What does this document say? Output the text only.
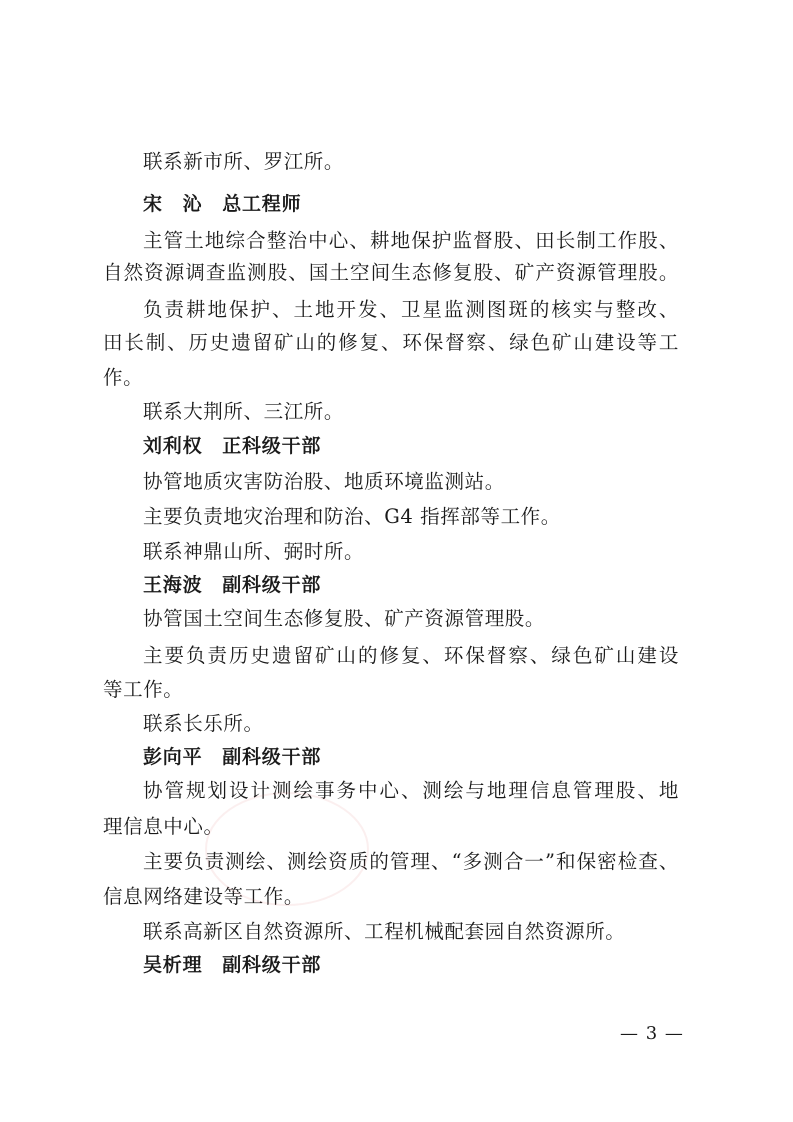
联系新市所、罗江所。
宋　沁　总工程师
主管土地综合整治中心、耕地保护监督股、田长制工作股、
自然资源调查监测股、国土空间生态修复股、矿产资源管理股。
负责耕地保护、土地开发、卫星监测图斑的核实与整改、
田长制、历史遗留矿山的修复、环保督察、绿色矿山建设等工
作。
联系大荆所、三江所。
刘利权　正科级干部
协管地质灾害防治股、地质环境监测站。
主要负责地灾治理和防治、G4 指挥部等工作。
联系神鼎山所、弼时所。
王海波　副科级干部
协管国土空间生态修复股、矿产资源管理股。
主要负责历史遗留矿山的修复、环保督察、绿色矿山建设
等工作。
联系长乐所。
彭向平　副科级干部
协管规划设计测绘事务中心、测绘与地理信息管理股、地
理信息中心。
主要负责测绘、测绘资质的管理、“多测合一”和保密检查、
信息网络建设等工作。
联系高新区自然资源所、工程机械配套园自然资源所。
吴析理　副科级干部
— 3 —
